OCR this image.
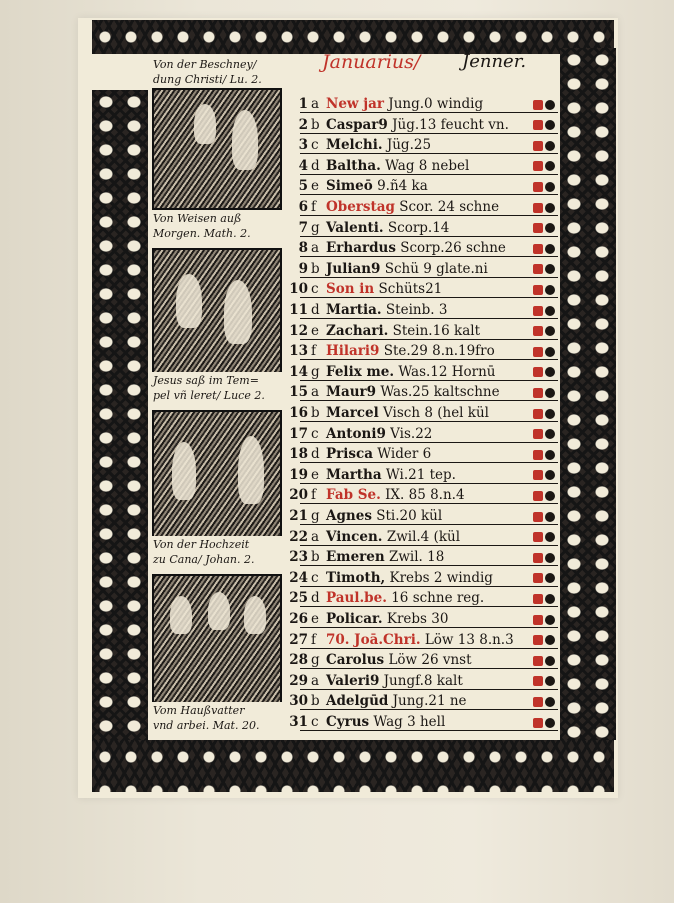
Januarius/ Jenner.
Von der Beschney/
dung Christi/ Lu. 2.
Von Weisen auß
Morgen. Math. 2.
Jesus saß im Tem=
pel vñ leret/ Luce 2.
Von der Hochzeit
zu Cana/ Johan. 2.
Vom Haußvatter
vnd arbei. Mat. 20.
1 a New jar Jung.0 windig
2 b Caspar9 Jüg.13 feucht vn.
3 c Melchi. Jüg.25
4 d Baltha. Wag 8 nebel
5 e Simeō 9.ñ4 ka
6 f Oberstag Scor. 24 schne
7 g Valenti. Scorp.14
8 a Erhardus Scorp.26 schne
9 b Julian9 Schü 9 glate.ni
10 c Son in Schüts21
11 d Martia. Steinb. 3
12 e Zachari. Stein.16 kalt
13 f Hilari9 Ste.29 8.n.19fro
14 g Felix me. Was.12 Hornū
15 a Maur9 Was.25 kaltschne
16 b Marcel Visch 8 (hel kül
17 c Antoni9 Vis.22
18 d Prisca Wider 6
19 e Martha Wi.21 tep.
20 f Fab Se. IX. 85 8.n.4
21 g Agnes Sti.20 kül
22 a Vincen. Zwil.4 (kül
23 b Emeren Zwil. 18
24 c Timoth, Krebs 2 windig
25 d Paul.be. 16 schne reg.
26 e Policar. Krebs 30
27 f 70. Joā.Chri. Löw 13 8.n.3
28 g Carolus Löw 26 vnst
29 a Valeri9 Jungf.8 kalt
30 b Adelgūd Jung.21 ne
31 c Cyrus Wag 3 hell
